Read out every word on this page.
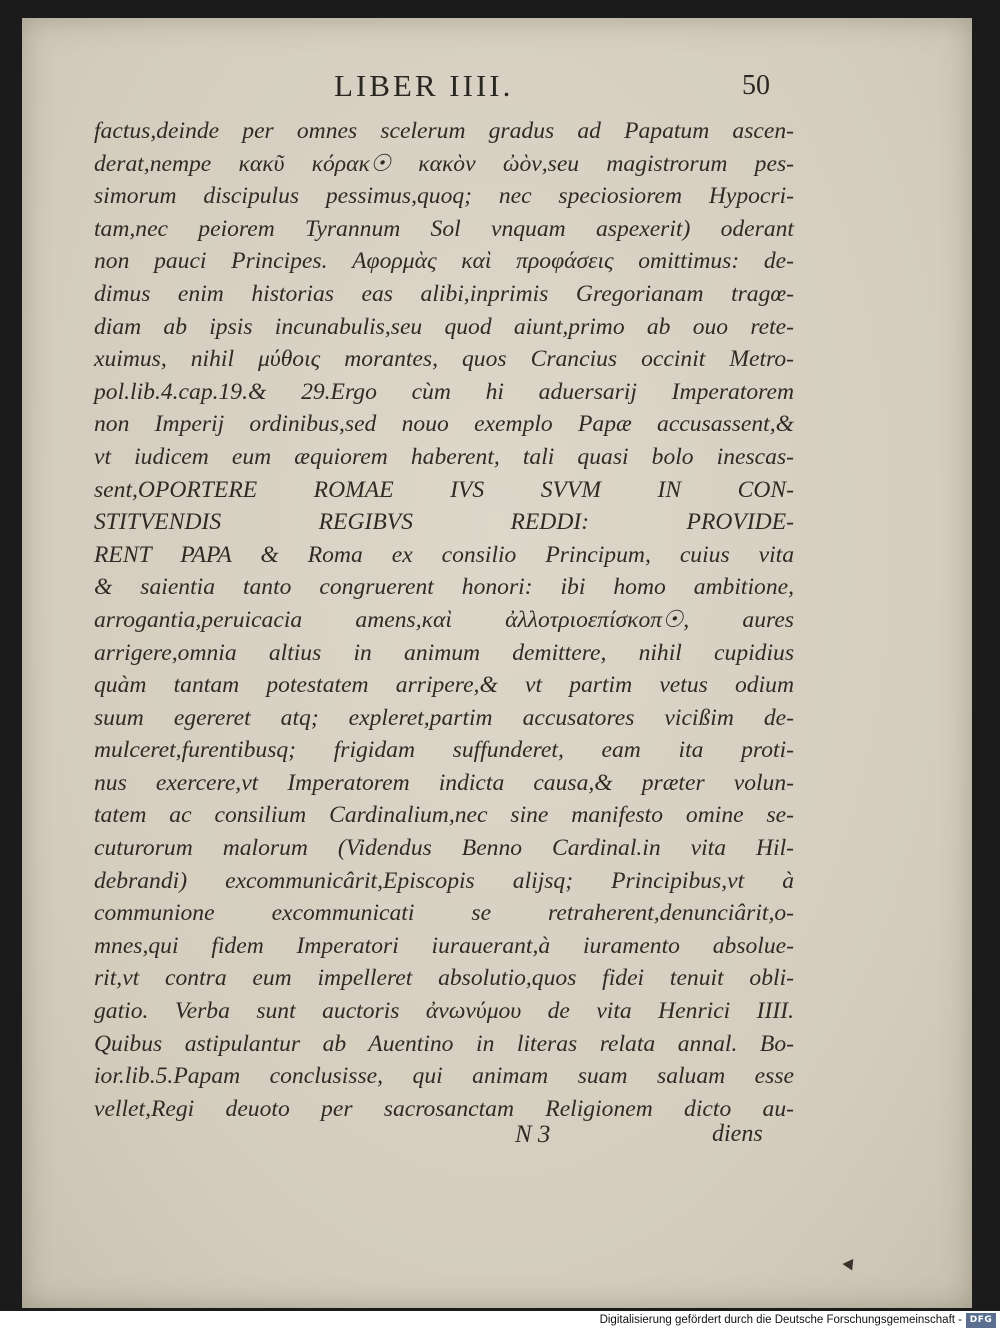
LIBER IIII.	50
factus,deinde per omnes scelerum gradus ad Papatum ascen-
derat,nempe κακῦ κόρακ☉ κακὸν ὠὸν,seu magistrorum pes-
simorum discipulus pessimus,quoq; nec speciosiorem Hypocri-
tam,nec peiorem Tyrannum Sol vnquam aspexerit) oderant
non pauci Principes. Αφορμὰς καὶ προφάσεις omittimus: de-
dimus enim historias eas alibi,inprimis Gregorianam tragœ-
diam ab ipsis incunabulis,seu quod aiunt,primo ab ouo rete-
xuimus, nihil μύθοις morantes, quos Crancius occinit Metro-
pol.lib.4.cap.19.& 29.Ergo cùm hi aduersarij Imperatorem
non Imperij ordinibus,sed nouo exemplo Papæ accusassent,&
vt iudicem eum æquiorem haberent, tali quasi bolo inescas-
sent,OPORTERE ROMAE IVS SVVM IN CON-
STITVENDIS REGIBVS REDDI: PROVIDE-
RENT PAPA & Roma ex consilio Principum, cuius vita
& saientia tanto congruerent honori: ibi homo ambitione,
arrogantia,peruicacia amens,καὶ ἀλλοτριοεπίσκοπ☉, aures
arrigere,omnia altius in animum demittere, nihil cupidius
quàm tantam potestatem arripere,& vt partim vetus odium
suum egereret atq; expleret,partim accusatores vicißim de-
mulceret,furentibusq; frigidam suffunderet, eam ita proti-
nus exercere,vt Imperatorem indicta causa,& præter volun-
tatem ac consilium Cardinalium,nec sine manifesto omine se-
cuturorum malorum (Videndus Benno Cardinal.in vita Hil-
debrandi) excommunicârit,Episcopis alijsq; Principibus,vt à
communione excommunicati se retraherent,denunciârit,o-
mnes,qui fidem Imperatori iurauerant,à iuramento absolue-
rit,vt contra eum impelleret absolutio,quos fidei tenuit obli-
gatio. Verba sunt auctoris ἀνωνύμου de vita Henrici IIII.
Quibus astipulantur ab Auentino in literas relata annal. Bo-
ior.lib.5.Papam conclusisse, qui animam suam saluam esse
vellet,Regi deuoto per sacrosanctam Religionem dicto au-
N 3	diens
Digitalisierung gefördert durch die Deutsche Forschungsgemeinschaft - DFG
